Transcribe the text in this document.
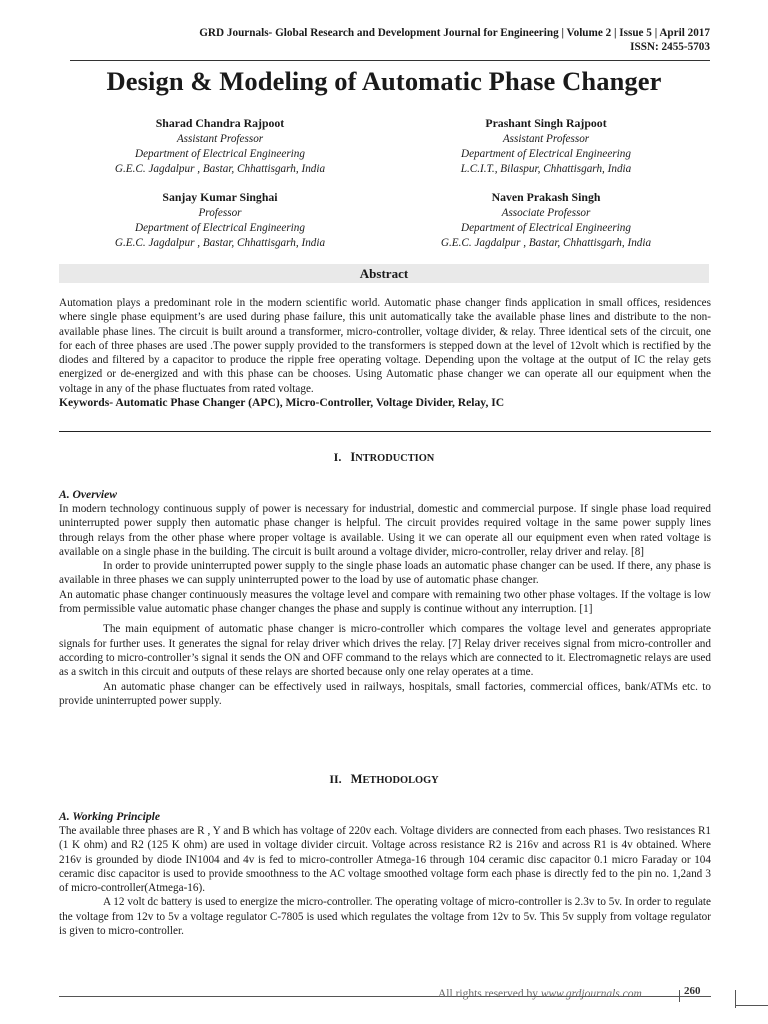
GRD Journals- Global Research and Development Journal for Engineering | Volume 2 | Issue 5 | April 2017
ISSN: 2455-5703
Design & Modeling of Automatic Phase Changer
Sharad Chandra Rajpoot
Assistant Professor
Department of Electrical Engineering
G.E.C. Jagdalpur , Bastar, Chhattisgarh, India
Prashant Singh Rajpoot
Assistant Professor
Department of Electrical Engineering
L.C.I.T., Bilaspur, Chhattisgarh, India
Sanjay Kumar Singhai
Professor
Department of Electrical Engineering
G.E.C. Jagdalpur , Bastar, Chhattisgarh, India
Naven Prakash Singh
Associate Professor
Department of Electrical Engineering
G.E.C. Jagdalpur , Bastar, Chhattisgarh, India
Abstract
Automation plays a predominant role in the modern scientific world. Automatic phase changer finds application in small offices, residences where single phase equipment’s are used during phase failure, this unit automatically take the available phase lines and distribute to the non-available phase lines. The circuit is built around a transformer, micro-controller, voltage divider, & relay. Three identical sets of the circuit, one for each of three phases are used .The power supply provided to the transformers is stepped down at the level of 12volt which is rectified by the diodes and filtered by a capacitor to produce the ripple free operating voltage. Depending upon the voltage at the output of IC the relay gets energized or de-energized and with this phase can be chooses. Using Automatic phase changer we can operate all our equipment when the voltage in any of the phase fluctuates from rated voltage.
Keywords- Automatic Phase Changer (APC), Micro-Controller, Voltage Divider, Relay, IC
I. INTRODUCTION
A. Overview

In modern technology continuous supply of power is necessary for industrial, domestic and commercial purpose. If single phase load required uninterrupted power supply then automatic phase changer is helpful. The circuit provides required voltage in the same power supply lines through relays from the other phase where proper voltage is available. Using it we can operate all our equipment even when rated voltage is available on a single phase in the building. The circuit is built around a voltage divider, micro-controller, relay driver and relay. [8]

In order to provide uninterrupted power supply to the single phase loads an automatic phase changer can be used. If there, any phase is available in three phases we can supply uninterrupted power to the load by use of automatic phase changer.

An automatic phase changer continuously measures the voltage level and compare with remaining two other phase voltages. If the voltage is low from permissible value automatic phase changer changes the phase and supply is continue without any interruption. [1]

The main equipment of automatic phase changer is micro-controller which compares the voltage level and generates appropriate signals for further uses. It generates the signal for relay driver which drives the relay. [7] Relay driver receives signal from micro-controller and according to micro-controller’s signal it sends the ON and OFF command to the relays which are connected to it. Electromagnetic relays are used as a switch in this circuit and outputs of these relays are shorted because only one relay operates at a time.

An automatic phase changer can be effectively used in railways, hospitals, small factories, commercial offices, bank/ATMs etc. to provide uninterrupted power supply.

II. METHODOLOGY
A. Working Principle

The available three phases are R , Y and B which has voltage of 220v each. Voltage dividers are connected from each phases. Two resistances R1 (1 K ohm) and R2 (125 K ohm) are used in voltage divider circuit. Voltage across resistance R2 is 216v and across R1 is 4v obtained. Where 216v is grounded by diode IN1004 and 4v is fed to micro-controller Atmega-16 through 104 ceramic disc capacitor 0.1 micro Faraday or 104 ceramic disc capacitor is used to provide smoothness to the AC voltage smoothed voltage form each phase is directly fed to the pin no. 1,2and 3 of micro-controller(Atmega-16).

A 12 volt dc battery is used to energize the micro-controller. The operating voltage of micro-controller is 2.3v to 5v. In order to regulate the voltage from 12v to 5v a voltage regulator C-7805 is used which regulates the voltage from 12v to 5v. This 5v supply from voltage regulator is given to micro-controller.

All rights reserved by www.grdjournals.com	260
